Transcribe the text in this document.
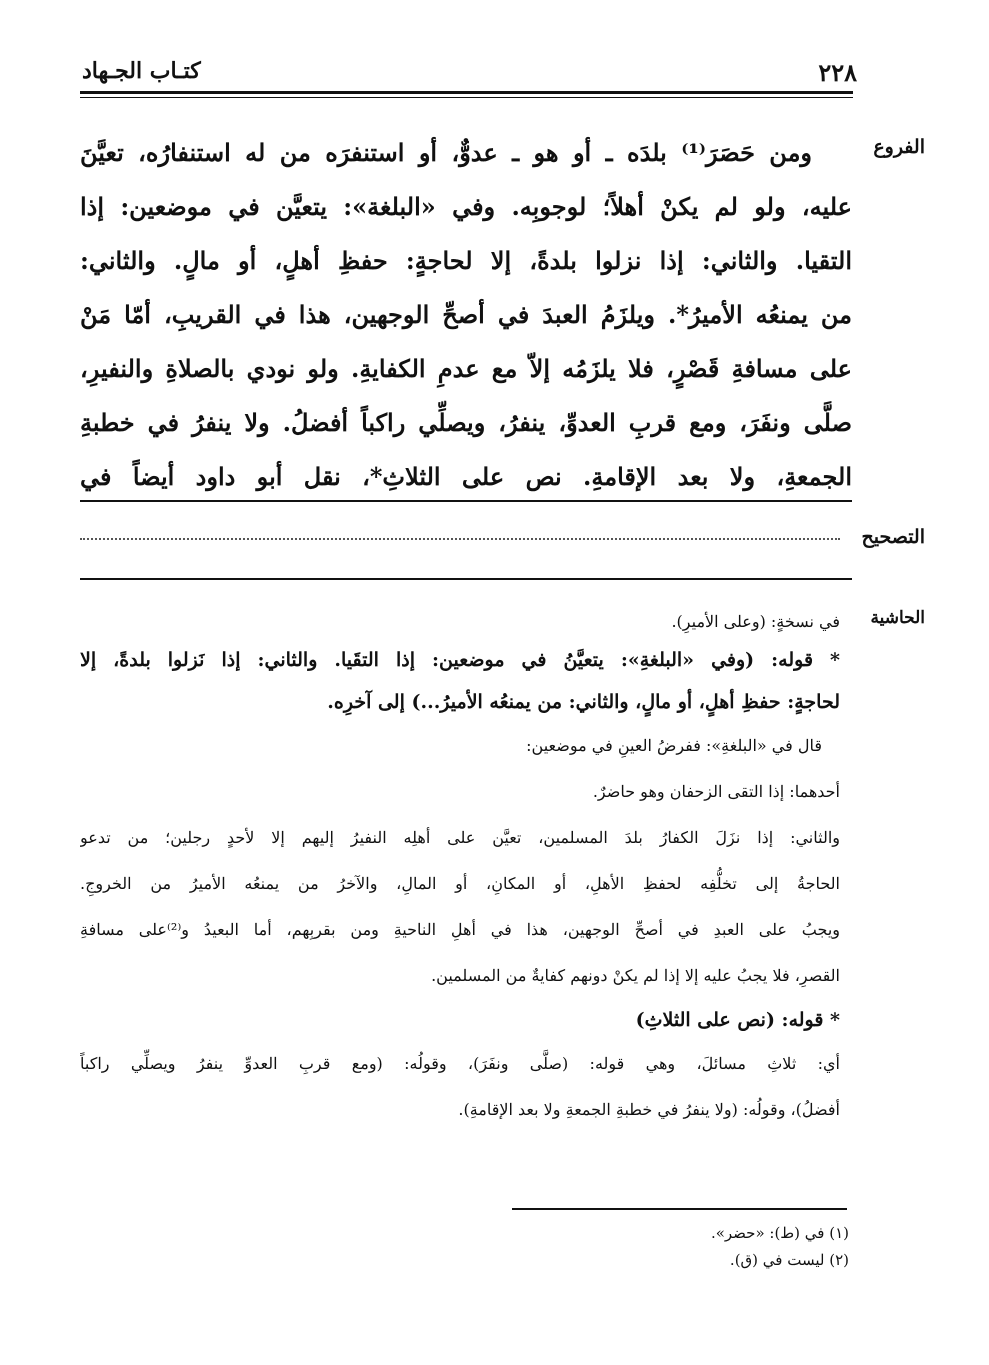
٢٢٨
كتـاب الجـهاد
الفروع
التصحيح
الحاشية
ومن حَصَرَ⁽¹⁾ بلدَه ـ أو هو ـ عدوٌّ، أو استنفرَه من له استنفارُه، تعيَّنَ
عليه، ولو لم يكنْ أهلاً؛ لوجوبِه. وفي «البلغة»: يتعيَّن في موضعين: إذا
التقيا. والثاني: إذا نزلوا بلدةً، إلا لحاجةٍ: حفظِ أهلٍ، أو مالٍ. والثاني:
من يمنعُه الأميرُ*. ويلزَمُ العبدَ في أصحِّ الوجهين، هذا في القريبِ، أمّا مَنْ
على مسافةِ قَصْرٍ، فلا يلزَمُه إلاّ مع عدمِ الكفايةِ. ولو نودي بالصلاةِ والنفيرِ،
صلَّى ونفَرَ، ومع قربِ العدوِّ، ينفرُ، ويصلِّي راكباً أفضلُ. ولا ينفرُ في خطبةِ
الجمعةِ، ولا بعد الإقامةِ. نص على الثلاثِ*، نقل أبو داود أيضاً في
في نسخةٍ: (وعلى الأميرِ).
* قوله: (وفي «البلغةِ»: يتعيَّنُ في موضعين: إذا التقَيا. والثاني: إذا نَزلوا بلدةً، إلا
لحاجةٍ: حفظِ أهلٍ، أو مالٍ، والثاني: من يمنعُه الأميرُ...) إلى آخرِه.
قال في «البلغةِ»: ففرضُ العينِ في موضعين:
أحدهما: إذا التقى الزحفان وهو حاضرٌ.
والثاني: إذا نزَلَ الكفارُ بلدَ المسلمين، تعيَّن على أهلِه النفيرُ إليهم إلا لأحدٍ رجلين؛ من تدعو
الحاجةُ إلى تخلُّفِه لحفظِ الأهلِ، أو المكانِ، أو المالِ، والآخرُ من يمنعُه الأميرُ من الخروجِ.
ويجبُ على العبدِ في أصحِّ الوجهين، هذا في أهلِ الناحيةِ ومن بقربِهم، أما البعيدُ و⁽²⁾على مسافةِ
القصرِ، فلا يجبُ عليه إلا إذا لم يكنْ دونهم كفايةٌ من المسلمين.
* قوله: (نص على الثلاثِ)
أي: ثلاثِ مسائلَ، وهي قوله: (صلَّى ونفَرَ)، وقولُه: (ومع قربِ العدوِّ ينفرُ ويصلِّي راكباً
أفضلُ)، وقولُه: (ولا ينفرُ في خطبةِ الجمعةِ ولا بعد الإقامةِ).
(١) في (ط): «حضر».
(٢) ليست في (ق).
